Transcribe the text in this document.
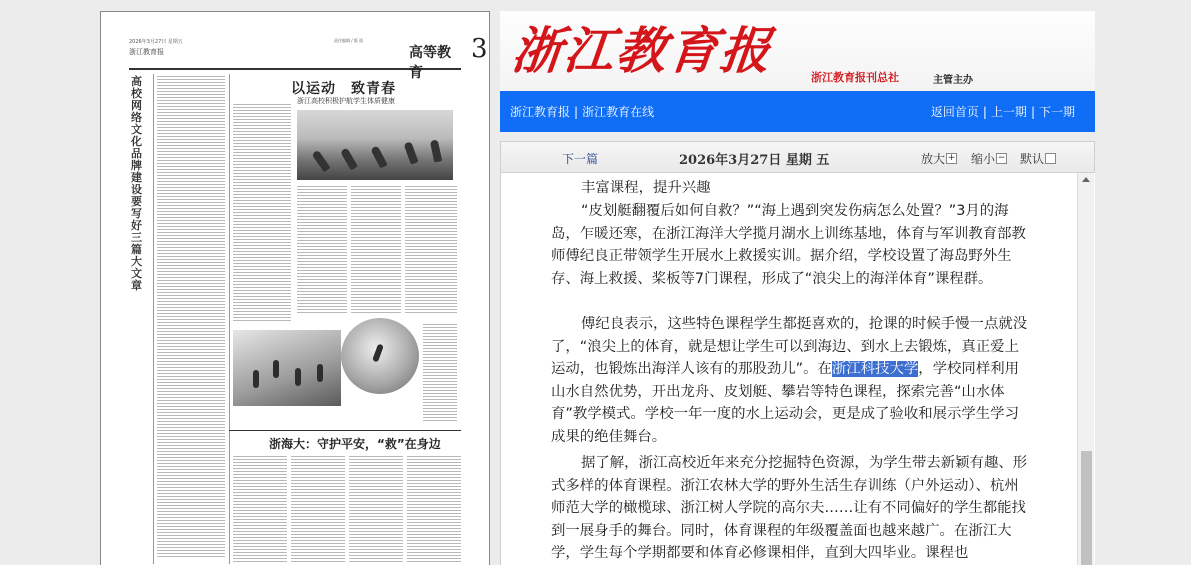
2026年3月27日 星期五
浙江教育报
责任编辑 / 版 面
高等教育
3
高校网络文化品牌建设要写好三篇大文章
以运动　致青春
浙江高校积极护航学生体质健康
浙海大：守护平安，“救”在身边
浙江教育报	浙江教育报刊总社	主管主办
浙江教育报 | 浙江教育在线	返回首页 | 上一期 | 下一期
下一篇	2026年3月27日 星期 五	放大 + 缩小 − 默认
丰富课程，提升兴趣
“皮划艇翻覆后如何自救？”“海上遇到突发伤病怎么处置？”3月的海岛，乍暖还寒，在浙江海洋大学揽月湖水上训练基地，体育与军训教育部教师傅纪良正带领学生开展水上救援实训。据介绍，学校设置了海岛野外生存、海上救援、桨板等7门课程，形成了“浪尖上的海洋体育”课程群。
傅纪良表示，这些特色课程学生都挺喜欢的，抢课的时候手慢一点就没了，“浪尖上的体育，就是想让学生可以到海边、到水上去锻炼，真正爱上运动，也锻炼出海洋人该有的那股劲儿”。在浙江科技大学，学校同样利用山水自然优势，开出龙舟、皮划艇、攀岩等特色课程，探索完善“山水体育”教学模式。学校一年一度的水上运动会，更是成了验收和展示学生学习成果的绝佳舞台。
据了解，浙江高校近年来充分挖掘特色资源，为学生带去新颖有趣、形式多样的体育课程。浙江农林大学的野外生活生存训练（户外运动）、杭州师范大学的橄榄球、浙江树人学院的高尔夫……让有不同偏好的学生都能找到一展身手的舞台。同时，体育课程的年级覆盖面也越来越广。在浙江大学，学生每个学期都要和体育必修课相伴，直到大四毕业。课程也
